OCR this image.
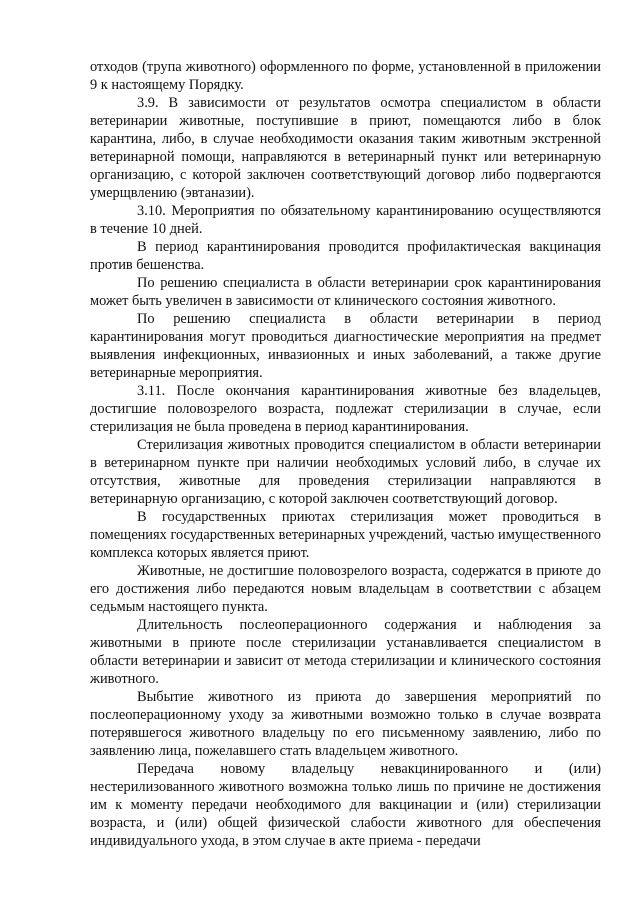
отходов (трупа животного) оформленного по форме, установленной в приложении 9 к настоящему Порядку.

3.9. В зависимости от результатов осмотра специалистом в области ветеринарии животные, поступившие в приют, помещаются либо в блок карантина, либо, в случае необходимости оказания таким животным экстренной ветеринарной помощи, направляются в ветеринарный пункт или ветеринарную организацию, с которой заключен соответствующий договор либо подвергаются умерщвлению (эвтаназии).

3.10. Мероприятия по обязательному карантинированию осуществляются в течение 10 дней.

В период карантинирования проводится профилактическая вакцинация против бешенства.

По решению специалиста в области ветеринарии срок карантинирования может быть увеличен в зависимости от клинического состояния животного.

По решению специалиста в области ветеринарии в период карантинирования могут проводиться диагностические мероприятия на предмет выявления инфекционных, инвазионных и иных заболеваний, а также другие ветеринарные мероприятия.

3.11. После окончания карантинирования животные без владельцев, достигшие половозрелого возраста, подлежат стерилизации в случае, если стерилизация не была проведена в период карантинирования.

Стерилизация животных проводится специалистом в области ветеринарии в ветеринарном пункте при наличии необходимых условий либо, в случае их отсутствия, животные для проведения стерилизации направляются в ветеринарную организацию, с которой заключен соответствующий договор.

В государственных приютах стерилизация может проводиться в помещениях государственных ветеринарных учреждений, частью имущественного комплекса которых является приют.

Животные, не достигшие половозрелого возраста, содержатся в приюте до его достижения либо передаются новым владельцам в соответствии с абзацем седьмым настоящего пункта.

Длительность послеоперационного содержания и наблюдения за животными в приюте после стерилизации устанавливается специалистом в области ветеринарии и зависит от метода стерилизации и клинического состояния животного.

Выбытие животного из приюта до завершения мероприятий по послеоперационному уходу за животными возможно только в случае возврата потерявшегося животного владельцу по его письменному заявлению, либо по заявлению лица, пожелавшего стать владельцем животного.

Передача новому владельцу невакцинированного и (или) нестерилизованного животного возможна только лишь по причине не достижения им к моменту передачи необходимого для вакцинации и (или) стерилизации возраста, и (или) общей физической слабости животного для обеспечения индивидуального ухода, в этом случае в акте приема - передачи
